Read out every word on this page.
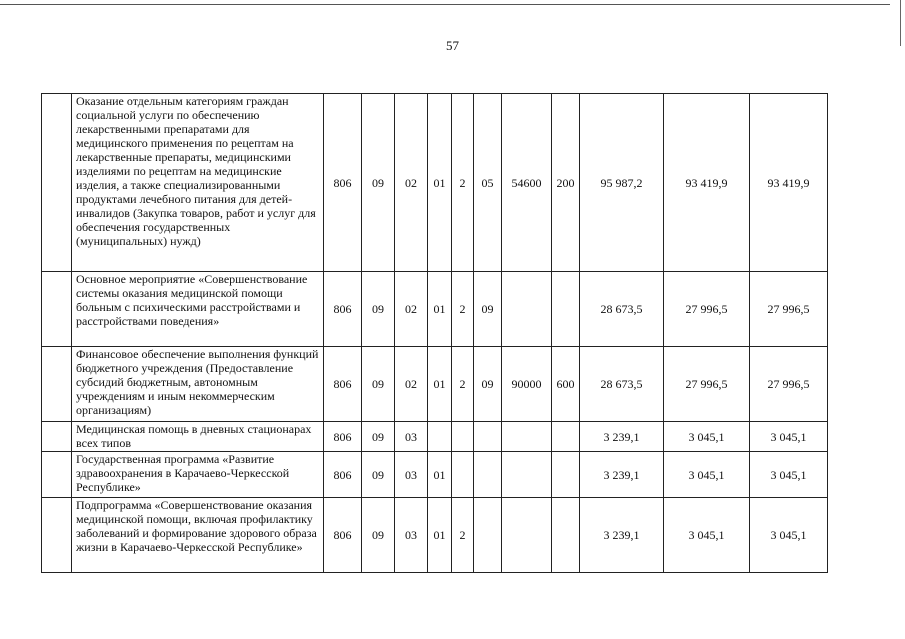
57
	Оказание отдельным категориям граждан социальной услуги по обеспечению лекарственными препаратами для медицинского применения по рецептам на лекарственные препараты, медицинскими изделиями по рецептам на медицинские изделия, а также специализированными продуктами лечебного питания для детей-инвалидов (Закупка товаров, работ и услуг для обеспечения государственных (муниципальных) нужд)	806	09	02	01	2	05	54600	200	95 987,2	93 419,9	93 419,9
	Основное мероприятие «Совершенствование системы оказания медицинской помощи больным с психическими расстройствами и расстройствами поведения»	806	09	02	01	2	09			28 673,5	27 996,5	27 996,5
	Финансовое обеспечение выполнения функций бюджетного учреждения (Предоставление субсидий бюджетным, автономным учреждениям и иным некоммерческим организациям)	806	09	02	01	2	09	90000	600	28 673,5	27 996,5	27 996,5
	Медицинская помощь в дневных стационарах всех типов	806	09	03						3 239,1	3 045,1	3 045,1
	Государственная программа «Развитие здравоохранения в Карачаево-Черкесской Республике»	806	09	03	01					3 239,1	3 045,1	3 045,1
	Подпрограмма «Совершенствование оказания медицинской помощи, включая профилактику заболеваний и формирование здорового образа жизни в Карачаево-Черкесской Республике»	806	09	03	01	2				3 239,1	3 045,1	3 045,1
